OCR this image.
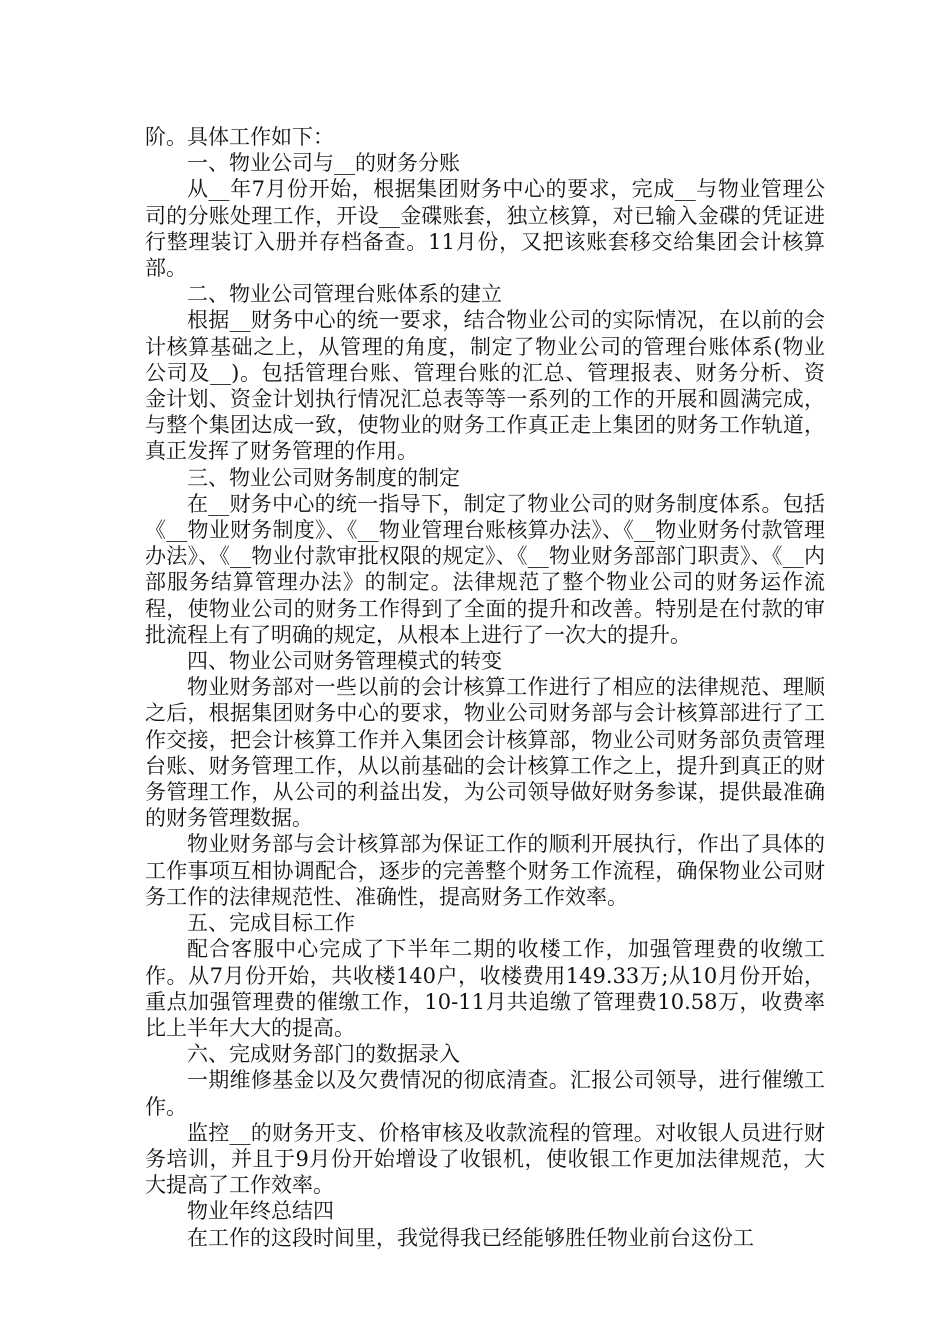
阶。具体工作如下：

一、物业公司与__的财务分账

从__年7月份开始，根据集团财务中心的要求，完成__与物业管理公司的分账处理工作，开设__金碟账套，独立核算，对已输入金碟的凭证进行整理装订入册并存档备查。11月份，又把该账套移交给集团会计核算部。

二、物业公司管理台账体系的建立

根据__财务中心的统一要求，结合物业公司的实际情况，在以前的会计核算基础之上，从管理的角度，制定了物业公司的管理台账体系(物业公司及__)。包括管理台账、管理台账的汇总、管理报表、财务分析、资金计划、资金计划执行情况汇总表等等一系列的工作的开展和圆满完成，与整个集团达成一致，使物业的财务工作真正走上集团的财务工作轨道，真正发挥了财务管理的作用。

三、物业公司财务制度的制定

在__财务中心的统一指导下，制定了物业公司的财务制度体系。包括《__物业财务制度》、《__物业管理台账核算办法》、《__物业财务付款管理办法》、《__物业付款审批权限的规定》、《__物业财务部部门职责》、《__内部服务结算管理办法》的制定。法律规范了整个物业公司的财务运作流程，使物业公司的财务工作得到了全面的提升和改善。特别是在付款的审批流程上有了明确的规定，从根本上进行了一次大的提升。

四、物业公司财务管理模式的转变

物业财务部对一些以前的会计核算工作进行了相应的法律规范、理顺之后，根据集团财务中心的要求，物业公司财务部与会计核算部进行了工作交接，把会计核算工作并入集团会计核算部，物业公司财务部负责管理台账、财务管理工作，从以前基础的会计核算工作之上，提升到真正的财务管理工作，从公司的利益出发，为公司领导做好财务参谋，提供最准确的财务管理数据。

物业财务部与会计核算部为保证工作的顺利开展执行，作出了具体的工作事项互相协调配合，逐步的完善整个财务工作流程，确保物业公司财务工作的法律规范性、准确性，提高财务工作效率。

五、完成目标工作

配合客服中心完成了下半年二期的收楼工作，加强管理费的收缴工作。从7月份开始，共收楼140户，收楼费用149.33万;从10月份开始，重点加强管理费的催缴工作，10-11月共追缴了管理费10.58万，收费率比上半年大大的提高。

六、完成财务部门的数据录入

一期维修基金以及欠费情况的彻底清查。汇报公司领导，进行催缴工作。

监控__的财务开支、价格审核及收款流程的管理。对收银人员进行财务培训，并且于9月份开始增设了收银机，使收银工作更加法律规范，大大提高了工作效率。

物业年终总结四

在工作的这段时间里，我觉得我已经能够胜任物业前台这份工
